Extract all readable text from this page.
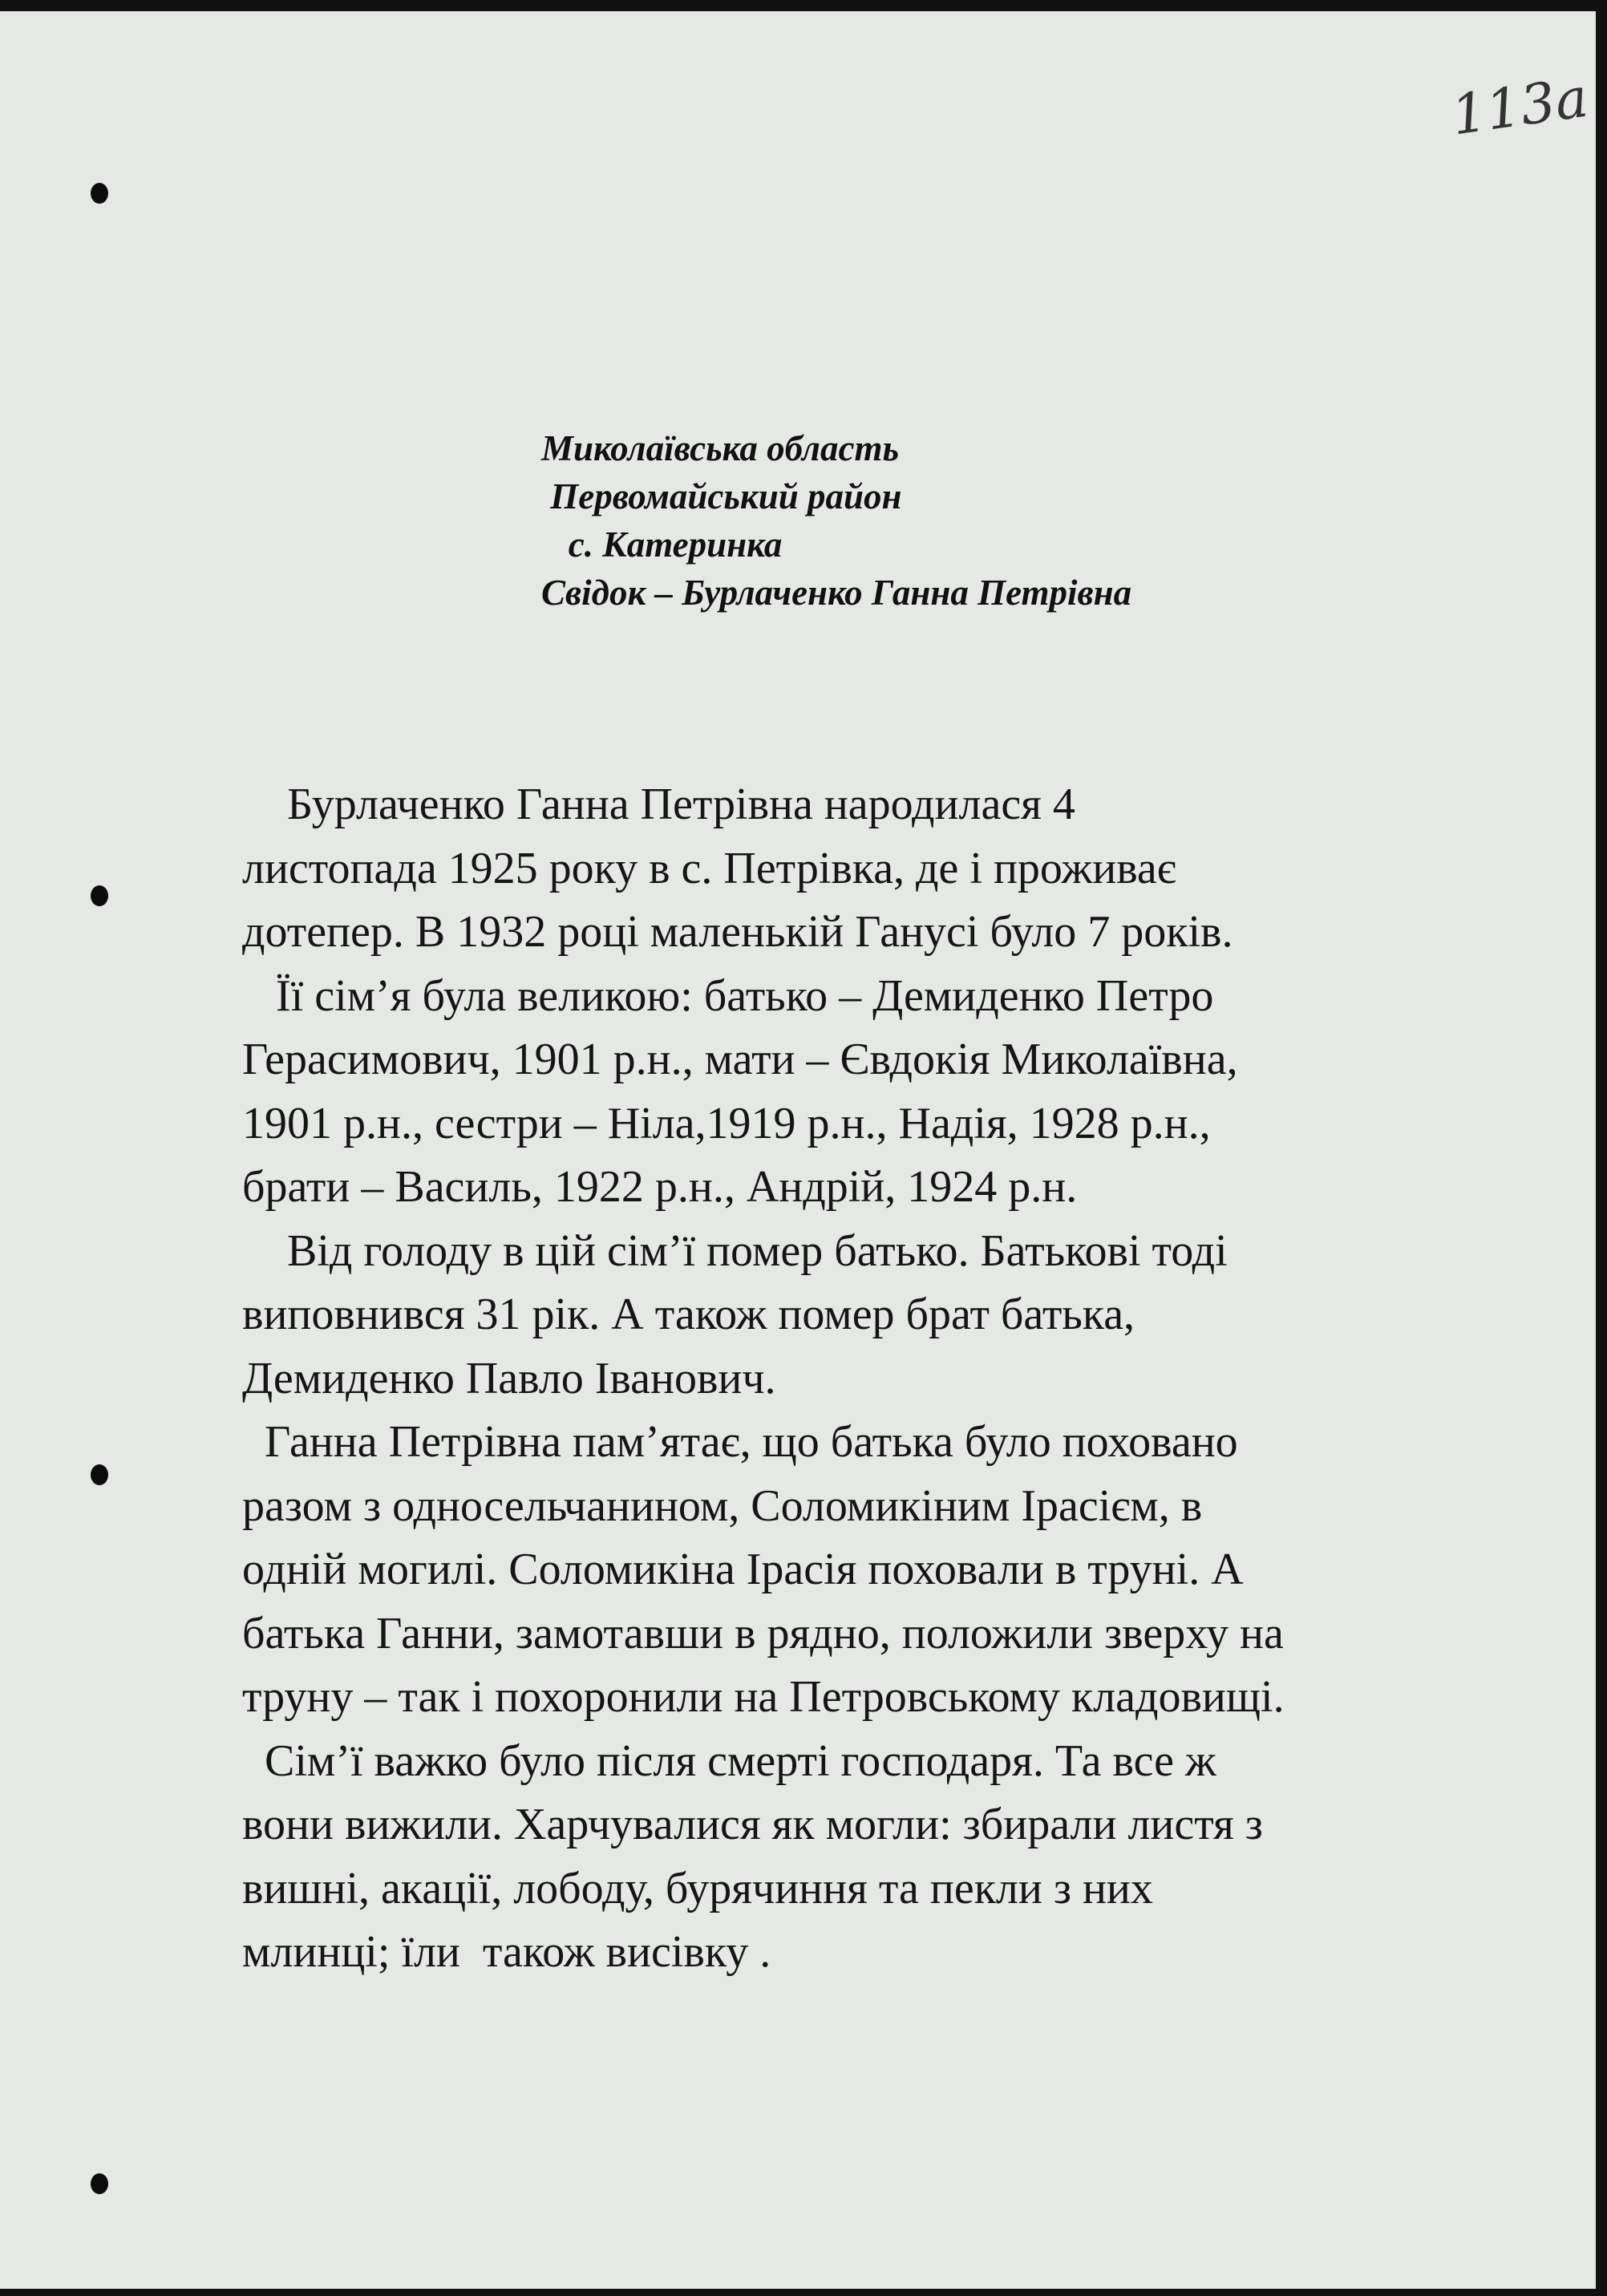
113a
Миколаївська область
Первомайський район
с. Катеринка
Свідок – Бурлаченко Ганна Петрівна
Бурлаченко Ганна Петрівна народилася 4
листопада 1925 року в с. Петрівка, де і проживає
дотепер. В 1932 році маленькій Ганусі було 7 років.
Її сім’я була великою: батько – Демиденко Петро
Герасимович, 1901 р.н., мати – Євдокія Миколаївна,
1901 р.н., сестри – Ніла,1919 р.н., Надія, 1928 р.н.,
брати – Василь, 1922 р.н., Андрій, 1924 р.н.
Від голоду в цій сім’ї помер батько. Батькові тоді
виповнився 31 рік. А також помер брат батька,
Демиденко Павло Іванович.
Ганна Петрівна пам’ятає, що батька було поховано
разом з односельчанином, Соломикіним Ірасієм, в
одній могилі. Соломикіна Ірасія поховали в труні. А
батька Ганни, замотавши в рядно, положили зверху на
труну – так і похоронили на Петровському кладовищі.
Сім’ї важко було після смерті господаря. Та все ж
вони вижили. Харчувалися як могли: збирали листя з
вишні, акації, лободу, бурячиння та пекли з них
млинці; їли  також висівку .
